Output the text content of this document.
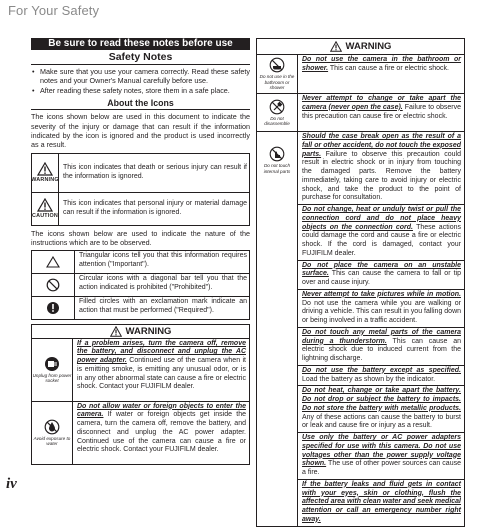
For Your Safety
Be sure to read these notes before use
Safety Notes
• Make sure that you use your camera correctly. Read these safety notes and your Owner's Manual carefully before use.
• After reading these safety notes, store them in a safe place.
About the Icons
The icons shown below are used in this document to indicate the severity of the injury or damage that can result if the information indicated by the icon is ignored and the product is used incorrectly as a result.
WARNING
This icon indicates that death or serious injury can result if the information is ignored.
CAUTION
This icon indicates that personal injury or material damage can result if the information is ignored.
The icons shown below are used to indicate the nature of the instructions which are to be observed.
Triangular icons tell you that this information requires attention ("Important").
Circular icons with a diagonal bar tell you that the action indicated is prohibited ("Prohibited").
Filled circles with an exclamation mark indicate an action that must be performed ("Required").
WARNING
Unplug from power socket
If a problem arises, turn the camera off, remove the battery, and disconnect and unplug the AC power adapter. Continued use of the camera when it is emitting smoke, is emitting any unusual odor, or is in any other abnormal state can cause a fire or electric shock. Contact your FUJIFILM dealer.
Avoid exposure to water
Do not allow water or foreign objects to enter the camera. If water or foreign objects get inside the camera, turn the camera off, remove the battery, and disconnect and unplug the AC power adapter. Continued use of the camera can cause a fire or electric shock. Contact your FUJIFILM dealer.
WARNING
Do not use in the bathroom or shower
Do not use the camera in the bathroom or shower. This can cause a fire or electric shock.
Do not disassemble
Never attempt to change or take apart the camera (never open the case). Failure to observe this precaution can cause fire or electric shock.
Do not touch internal parts
Should the case break open as the result of a fall or other accident, do not touch the exposed parts. Failure to observe this precaution could result in electric shock or in injury from touching the damaged parts. Remove the battery immediately, taking care to avoid injury or electric shock, and take the product to the point of purchase for consultation.
Do not change, heat or unduly twist or pull the connection cord and do not place heavy objects on the connection cord. These actions could damage the cord and cause a fire or electric shock. If the cord is damaged, contact your FUJIFILM dealer.
Do not place the camera on an unstable surface. This can cause the camera to fall or tip over and cause injury.
Never attempt to take pictures while in motion. Do not use the camera while you are walking or driving a vehicle. This can result in you falling down or being involved in a traffic accident.
Do not touch any metal parts of the camera during a thunderstorm. This can cause an electric shock due to induced current from the lightning discharge.
Do not use the battery except as specified. Load the battery as shown by the indicator.
Do not heat, change or take apart the battery. Do not drop or subject the battery to impacts. Do not store the battery with metallic products. Any of these actions can cause the battery to burst or leak and cause fire or injury as a result.
Use only the battery or AC power adapters specified for use with this camera. Do not use voltages other than the power supply voltage shown. The use of other power sources can cause a fire.
If the battery leaks and fluid gets in contact with your eyes, skin or clothing, flush the affected area with clean water and seek medical attention or call an emergency number right away.
iv
